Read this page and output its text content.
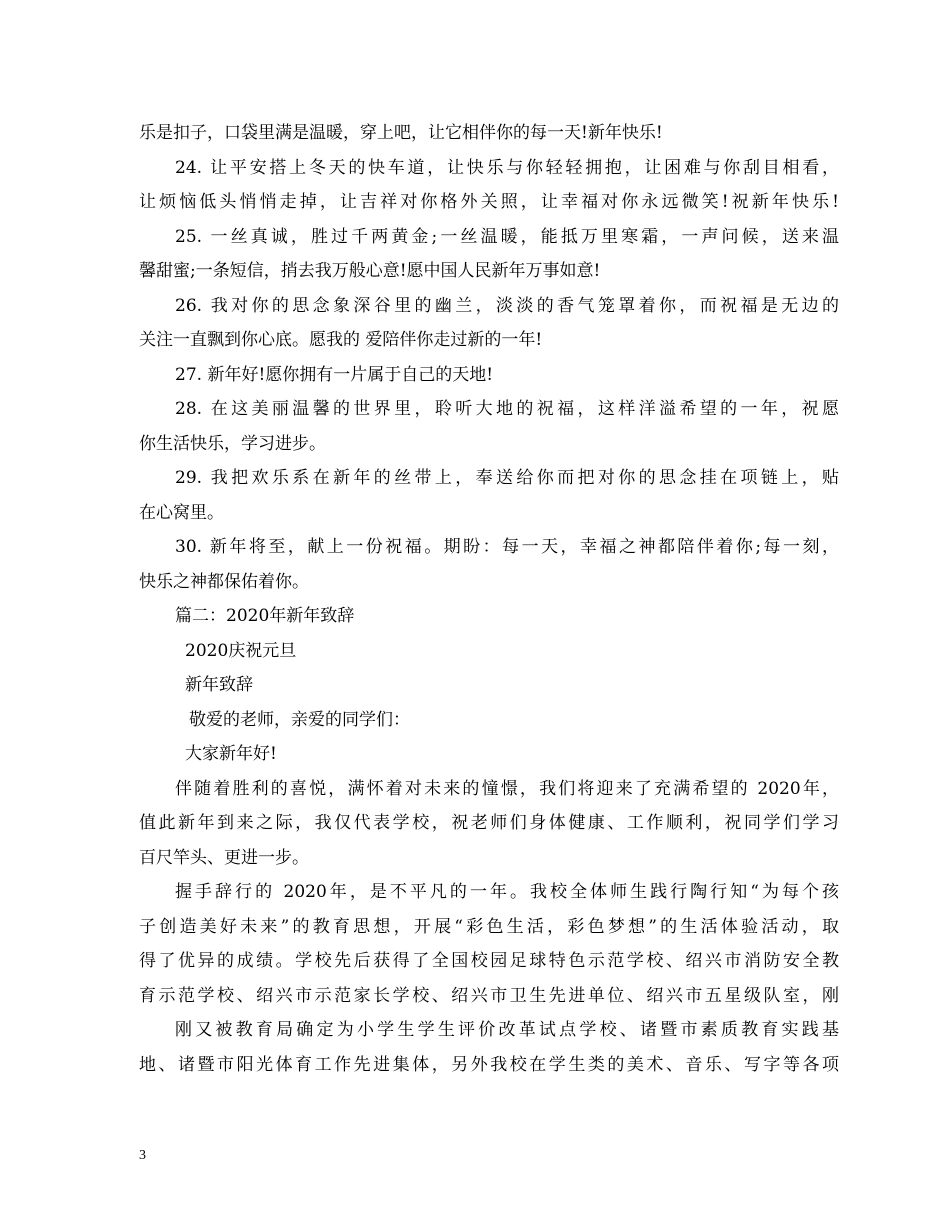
乐是扣子，口袋里满是温暖，穿上吧，让它相伴你的每一天!新年快乐!
24. 让平安搭上冬天的快车道，让快乐与你轻轻拥抱，让困难与你刮目相看，
让烦恼低头悄悄走掉，让吉祥对你格外关照，让幸福对你永远微笑!祝新年快乐!
25. 一丝真诚，胜过千两黄金;一丝温暖，能抵万里寒霜，一声问候，送来温
馨甜蜜;一条短信，捎去我万般心意!愿中国人民新年万事如意!
26. 我对你的思念象深谷里的幽兰，淡淡的香气笼罩着你，而祝福是无边的
关注一直飘到你心底。愿我的 爱陪伴你走过新的一年!
27. 新年好!愿你拥有一片属于自己的天地!
28. 在这美丽温馨的世界里，聆听大地的祝福，这样洋溢希望的一年，祝愿
你生活快乐，学习进步。
29. 我把欢乐系在新年的丝带上，奉送给你而把对你的思念挂在项链上，贴
在心窝里。
30. 新年将至，献上一份祝福。期盼：每一天，幸福之神都陪伴着你;每一刻，
快乐之神都保佑着你。
篇二：2020年新年致辞
2020庆祝元旦
新年致辞
敬爱的老师，亲爱的同学们：
大家新年好!
伴随着胜利的喜悦，满怀着对未来的憧憬，我们将迎来了充满希望的 2020年，
值此新年到来之际，我仅代表学校，祝老师们身体健康、工作顺利，祝同学们学习
百尺竿头、更进一步。
握手辞行的 2020年，是不平凡的一年。我校全体师生践行陶行知“为每个孩
子创造美好未来”的教育思想，开展“彩色生活，彩色梦想”的生活体验活动，取
得了优异的成绩。学校先后获得了全国校园足球特色示范学校、绍兴市消防安全教
育示范学校、绍兴市示范家长学校、绍兴市卫生先进单位、绍兴市五星级队室，刚
刚又被教育局确定为小学生学生评价改革试点学校、诸暨市素质教育实践基
地、诸暨市阳光体育工作先进集体，另外我校在学生类的美术、音乐、写字等各项
3
